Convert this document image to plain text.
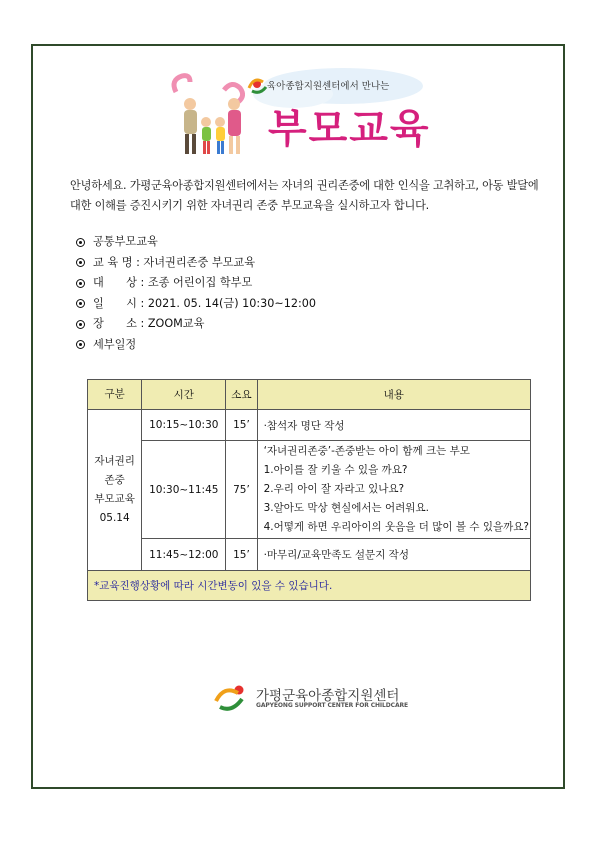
육아종합지원센터에서 만나는
부모교육
안녕하세요. 가평군육아종합지원센터에서는 자녀의 권리존중에 대한 인식을 고취하고, 아동 발달에 대한 이해를 증진시키기 위한 자녀권리 존중 부모교육을 실시하고자 합니다.
공통부모교육
교 육 명 : 자녀권리존중 부모교육
대　　상 : 조종 어린이집 학부모
일　　시 : 2021. 05. 14(금) 10:30~12:00
장　　소 : ZOOM교육
세부일정
구분	시간	소요	내용

자녀권리
존중
부모교육
05.14	10:15~10:30	15’	·참석자 명단 작성
	10:30~11:45	75’	‘자녀권리존중’-존중받는 아이 함께 크는 부모
1.아이를 잘 키울 수 있을 까요?
2.우리 아이 잘 자라고 있나요?
3.알아도 막상 현실에서는 어려워요.
4.어떻게 하면 우리아이의 웃음을 더 많이 볼 수 있을까요?

	11:45~12:00	15’	·마무리/교육만족도 설문지 작성
*교육진행상황에 따라 시간변동이 있을 수 있습니다.			
가평군육아종합지원센터
GAPYEONG SUPPORT CENTER FOR CHILDCARE
